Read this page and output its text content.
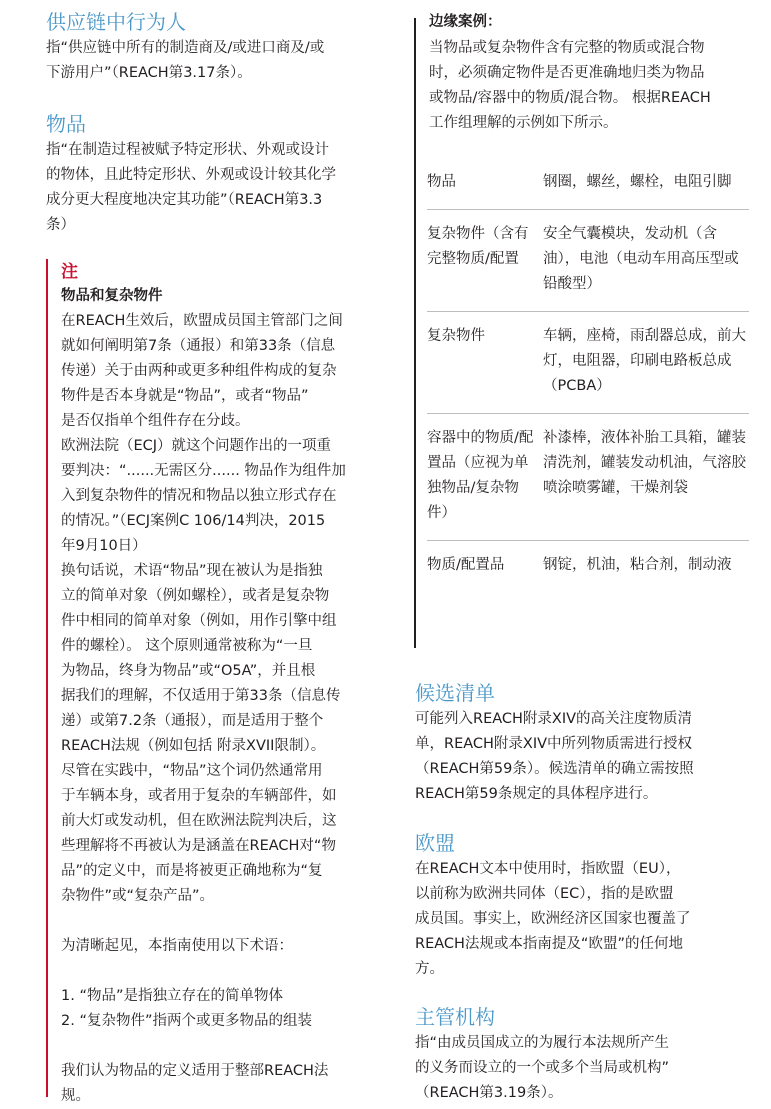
供应链中行为人

指“供应链中所有的制造商及/或进口商及/或

下游用户”（REACH第3.17条）。

物品

指“在制造过程被赋予特定形状、外观或设计

的物体，且此特定形状、外观或设计较其化学

成分更大程度地决定其功能”（REACH第3.3

条）

注
物品和复杂物件

在REACH生效后，欧盟成员国主管部门之间

就如何阐明第7条（通报）和第33条（信息

传递）关于由两种或更多种组件构成的复杂

物件是否本身就是“物品”，或者“物品”

是否仅指单个组件存在分歧。

欧洲法院（ECJ）就这个问题作出的一项重

要判决：“......无需区分...... 物品作为组件加

入到复杂物件的情况和物品以独立形式存在

的情况。”（ECJ案例C 106/14判决，2015

年9月10日）

换句话说，术语“物品”现在被认为是指独

立的简单对象（例如螺栓），或者是复杂物

件中相同的简单对象（例如，用作引擎中组

件的螺栓）。 这个原则通常被称为“一旦

为物品，终身为物品”或“O5A”，并且根

据我们的理解，不仅适用于第33条（信息传

递）或第7.2条（通报），而是适用于整个

REACH法规（例如包括 附录XVII限制）。

尽管在实践中，“物品”这个词仍然通常用

于车辆本身，或者用于复杂的车辆部件，如

前大灯或发动机，但在欧洲法院判决后，这

些理解将不再被认为是涵盖在REACH对“物

品”的定义中，而是将被更正确地称为“复

杂物件”或“复杂产品”。

为清晰起见，本指南使用以下术语：

1. “物品”是指独立存在的简单物体

2. “复杂物件”指两个或更多物品的组装

我们认为物品的定义适用于整部REACH法

规。

边缘案例：

当物品或复杂物件含有完整的物质或混合物

时，必须确定物件是否更准确地归类为物品

或物品/容器中的物质/混合物。 根据REACH

工作组理解的示例如下所示。

物品	钢圈，螺丝，螺栓，电阻引脚
复杂物件（含有完整物质/配置	安全气囊模块，发动机（含油），电池（电动车用高压型或铅酸型）
复杂物件	车辆，座椅，雨刮器总成，前大灯，电阻器，印刷电路板总成（PCBA）
容器中的物质/配置品（应视为单独物品/复杂物件）	补漆棒，液体补胎工具箱，罐装清洗剂，罐装发动机油，气溶胶喷涂喷雾罐，干燥剂袋
物质/配置品	钢锭，机油，粘合剂，制动液
候选清单

可能列入REACH附录XIV的高关注度物质清

单，REACH附录XIV中所列物质需进行授权

（REACH第59条）。候选清单的确立需按照

REACH第59条规定的具体程序进行。

欧盟

在REACH文本中使用时，指欧盟（EU），

以前称为欧洲共同体（EC），指的是欧盟

成员国。事实上，欧洲经济区国家也覆盖了

REACH法规或本指南提及“欧盟”的任何地

方。

主管机构

指“由成员国成立的为履行本法规所产生

的义务而设立的一个或多个当局或机构”

（REACH第3.19条）。
